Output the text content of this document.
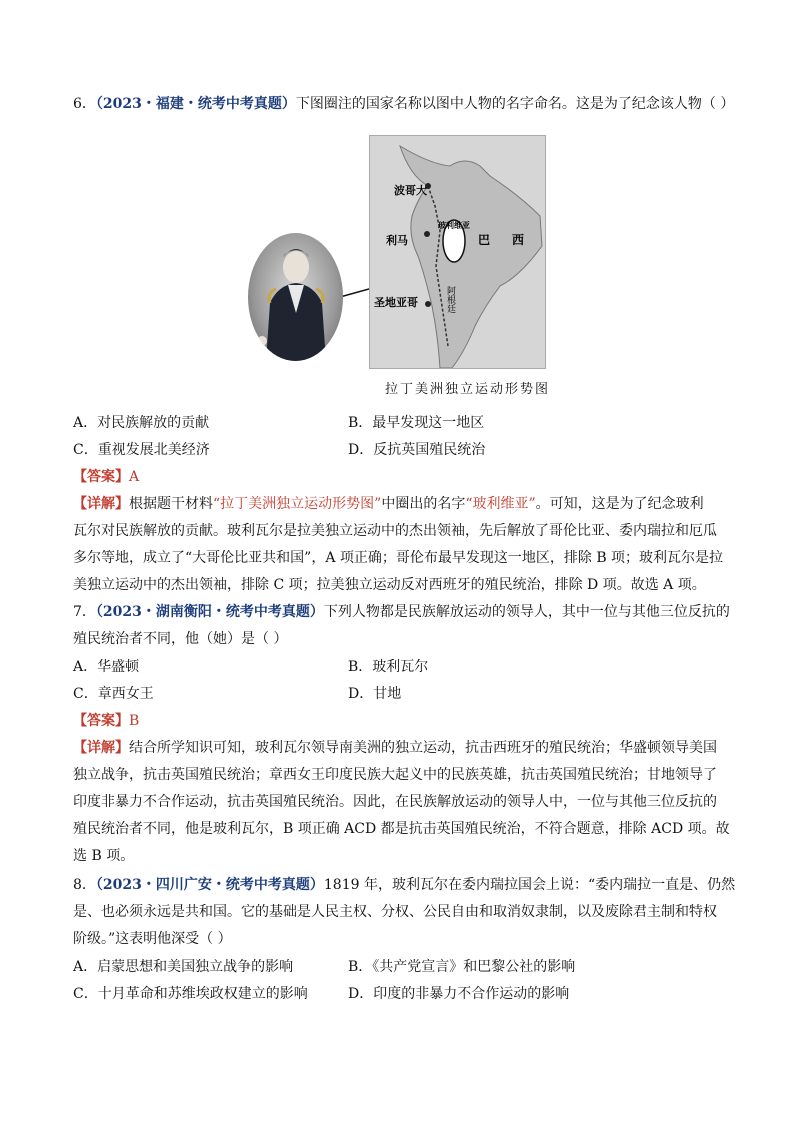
6．（2023・福建・统考中考真题）下图圈注的国家名称以图中人物的名字命名。这是为了纪念该人物（ ）
玻利维亚
波哥大
利马	巴 西
圣地亚哥	阿根廷
拉丁美洲独立运动形势图
A．对民族解放的贡献	B．最早发现这一地区
C．重视发展北美经济	D．反抗英国殖民统治
【答案】A
【详解】根据题干材料“拉丁美洲独立运动形势图”中圈出的名字“玻利维亚”。可知，这是为了纪念玻利
瓦尔对民族解放的贡献。玻利瓦尔是拉美独立运动中的杰出领袖，先后解放了哥伦比亚、委内瑞拉和厄瓜
多尔等地，成立了“大哥伦比亚共和国”，A 项正确；哥伦布最早发现这一地区，排除 B 项；玻利瓦尔是拉
美独立运动中的杰出领袖，排除 C 项；拉美独立运动反对西班牙的殖民统治，排除 D 项。故选 A 项。
7．（2023・湖南衡阳・统考中考真题）下列人物都是民族解放运动的领导人，其中一位与其他三位反抗的
殖民统治者不同，他（她）是（ ）
A．华盛顿	B．玻利瓦尔
C．章西女王	D．甘地
【答案】B
【详解】结合所学知识可知，玻利瓦尔领导南美洲的独立运动，抗击西班牙的殖民统治；华盛顿领导美国
独立战争，抗击英国殖民统治；章西女王印度民族大起义中的民族英雄，抗击英国殖民统治；甘地领导了
印度非暴力不合作运动，抗击英国殖民统治。因此，在民族解放运动的领导人中，一位与其他三位反抗的
殖民统治者不同，他是玻利瓦尔，B 项正确 ACD 都是抗击英国殖民统治，不符合题意，排除 ACD 项。故
选 B 项。
8．（2023・四川广安・统考中考真题）1819 年，玻利瓦尔在委内瑞拉国会上说：“委内瑞拉一直是、仍然
是、也必须永远是共和国。它的基础是人民主权、分权、公民自由和取消奴隶制，以及废除君主制和特权
阶级。”这表明他深受（ ）
A．启蒙思想和美国独立战争的影响	B．《共产党宣言》和巴黎公社的影响
C．十月革命和苏维埃政权建立的影响	D．印度的非暴力不合作运动的影响
